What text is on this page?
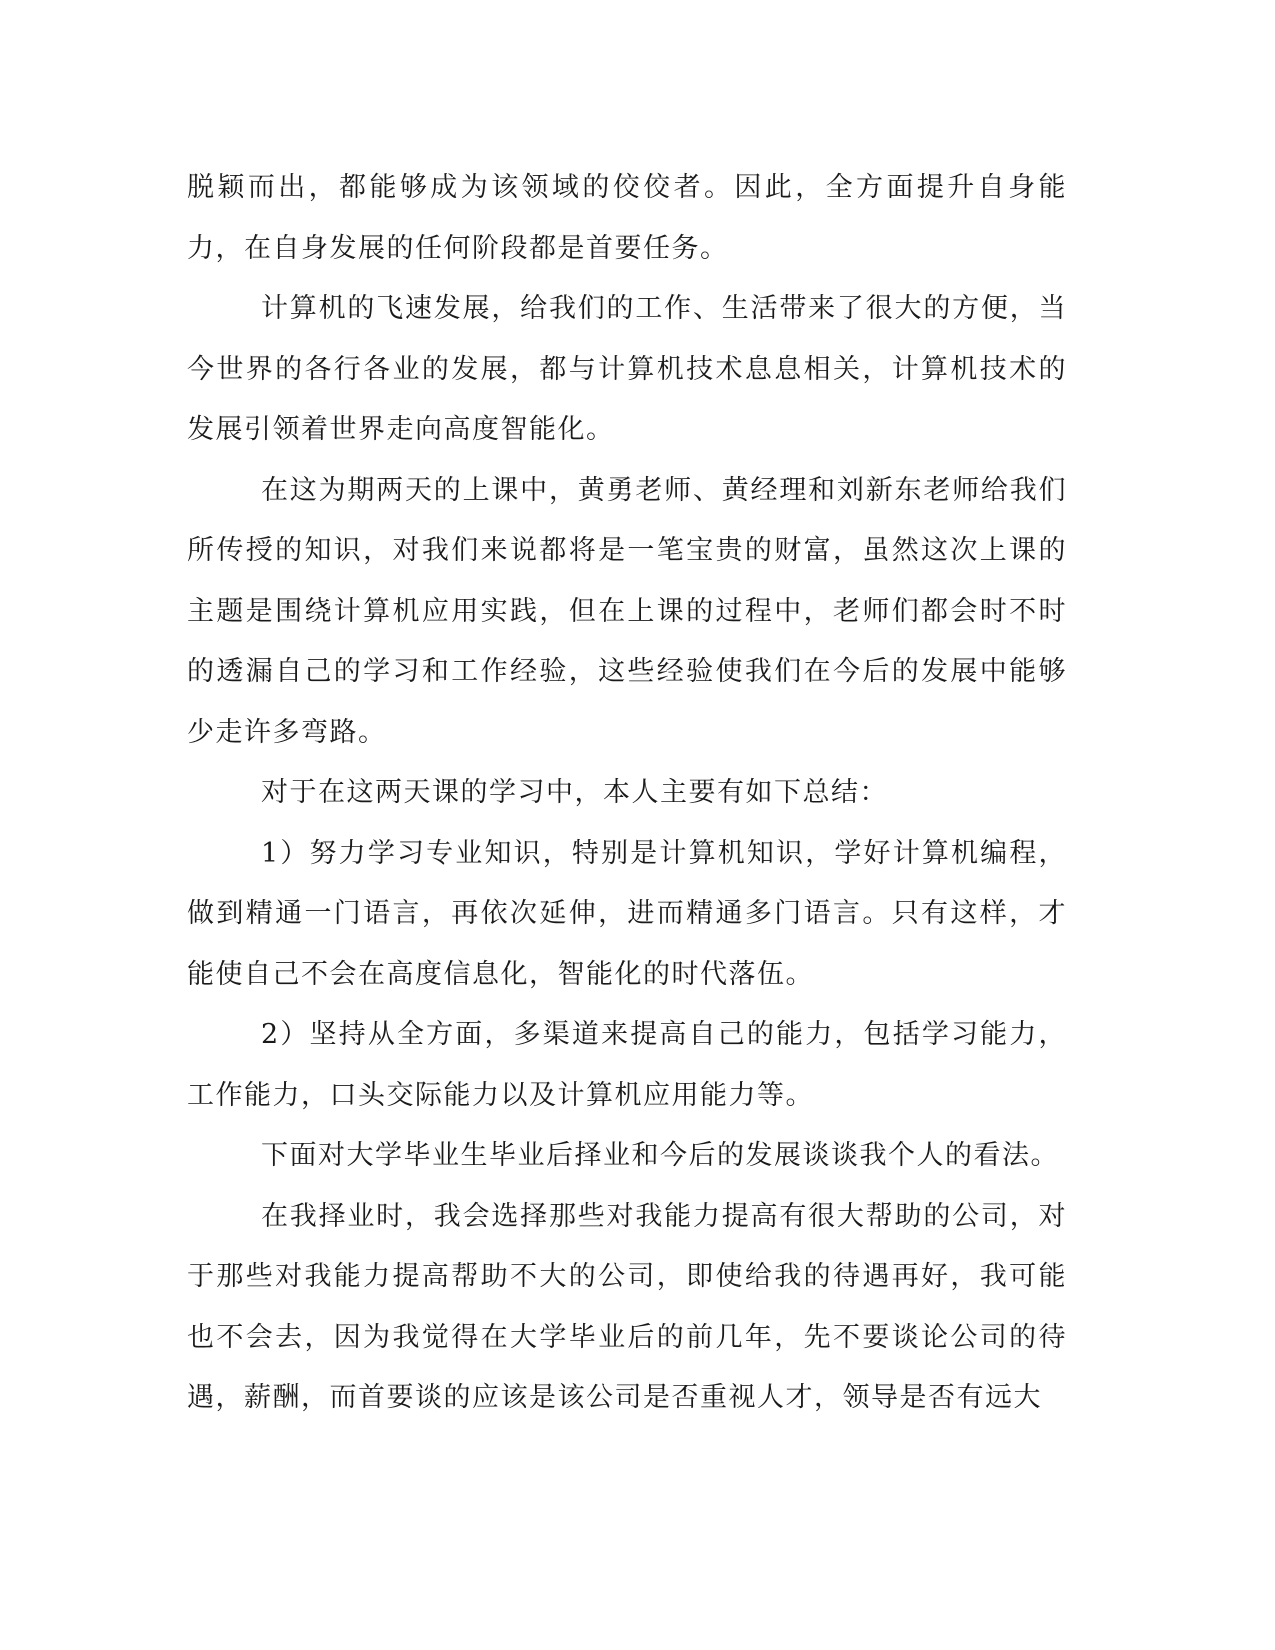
脱颖而出，都能够成为该领域的佼佼者。因此，全方面提升自身能力，在自身发展的任何阶段都是首要任务。

计算机的飞速发展，给我们的工作、生活带来了很大的方便，当今世界的各行各业的发展，都与计算机技术息息相关，计算机技术的发展引领着世界走向高度智能化。

在这为期两天的上课中，黄勇老师、黄经理和刘新东老师给我们所传授的知识，对我们来说都将是一笔宝贵的财富，虽然这次上课的主题是围绕计算机应用实践，但在上课的过程中，老师们都会时不时的透漏自己的学习和工作经验，这些经验使我们在今后的发展中能够少走许多弯路。

对于在这两天课的学习中，本人主要有如下总结：

1）努力学习专业知识，特别是计算机知识，学好计算机编程，做到精通一门语言，再依次延伸，进而精通多门语言。只有这样，才能使自己不会在高度信息化，智能化的时代落伍。

2）坚持从全方面，多渠道来提高自己的能力，包括学习能力，工作能力，口头交际能力以及计算机应用能力等。

下面对大学毕业生毕业后择业和今后的发展谈谈我个人的看法。

在我择业时，我会选择那些对我能力提高有很大帮助的公司，对于那些对我能力提高帮助不大的公司，即使给我的待遇再好，我可能也不会去，因为我觉得在大学毕业后的前几年，先不要谈论公司的待遇，薪酬，而首要谈的应该是该公司是否重视人才，领导是否有远大
